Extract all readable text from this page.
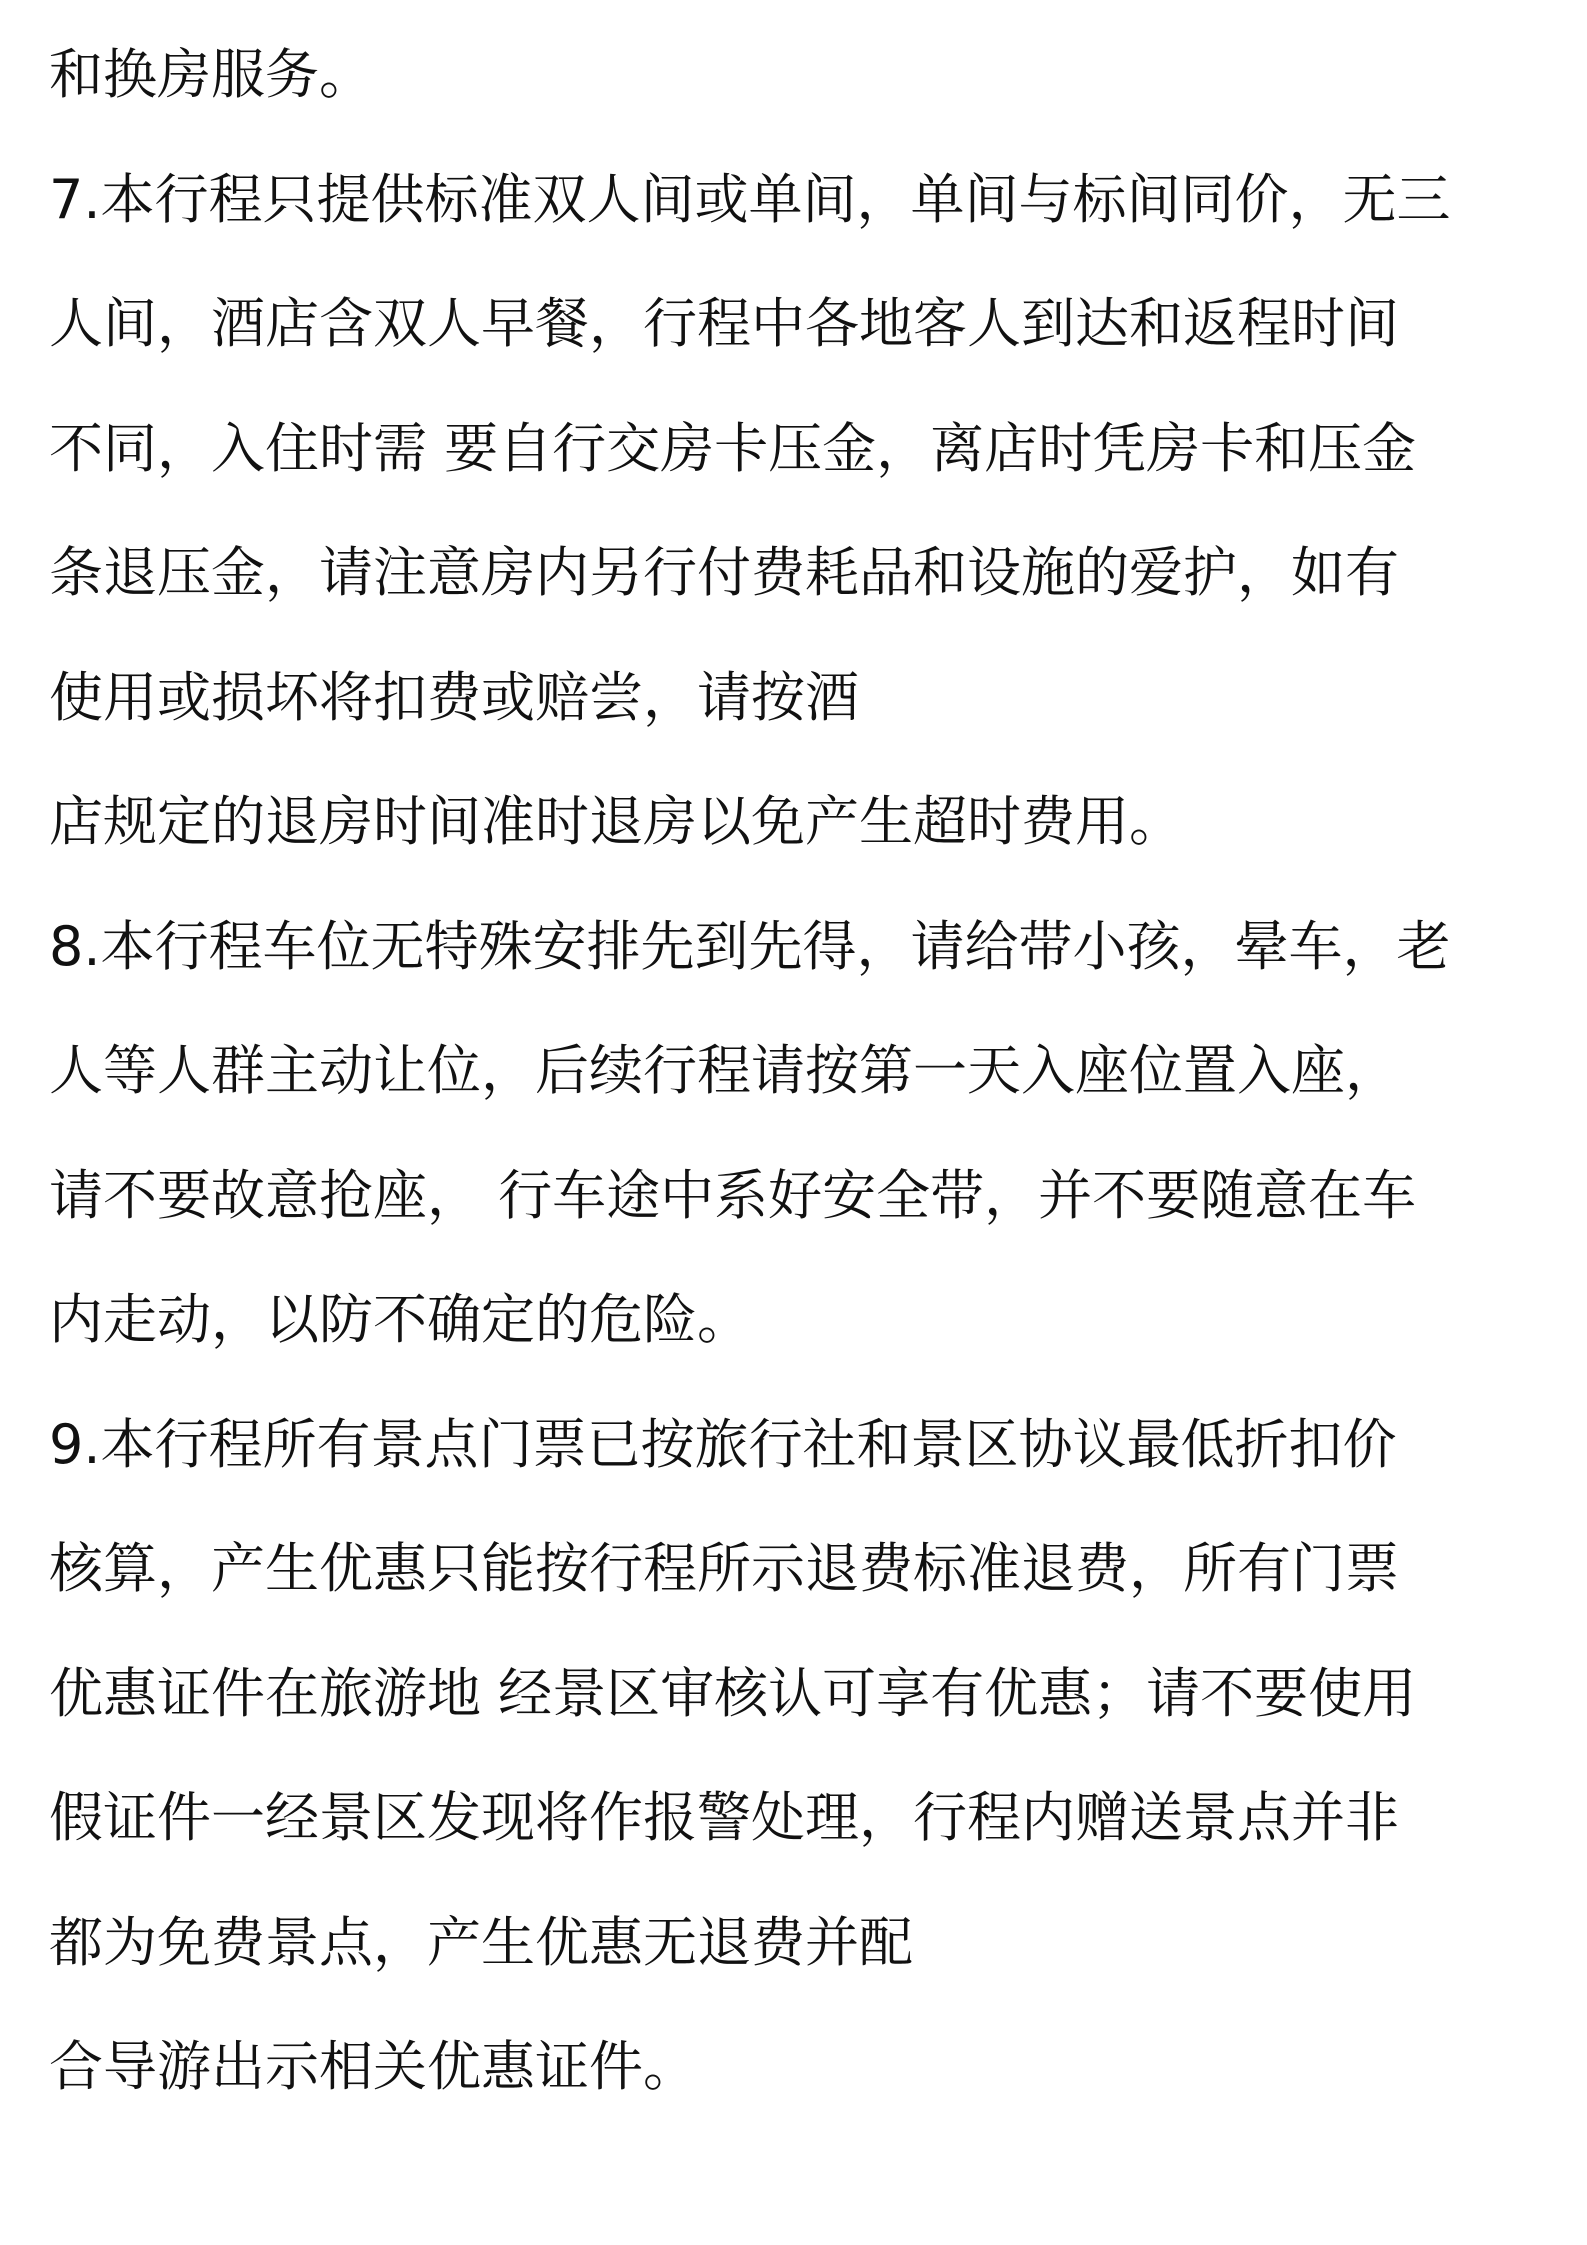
和换房服务。
7.本行程只提供标准双人间或单间，单间与标间同价，无三
人间，酒店含双人早餐，行程中各地客人到达和返程时间
不同，入住时需 要自行交房卡压金，离店时凭房卡和压金
条退压金，请注意房内另行付费耗品和设施的爱护，如有
使用或损坏将扣费或赔尝，请按酒
店规定的退房时间准时退房以免产生超时费用。
8.本行程车位无特殊安排先到先得，请给带小孩，晕车，老
人等人群主动让位，后续行程请按第一天入座位置入座，
请不要故意抢座， 行车途中系好安全带，并不要随意在车
内走动，以防不确定的危险。
9.本行程所有景点门票已按旅行社和景区协议最低折扣价
核算，产生优惠只能按行程所示退费标准退费，所有门票
优惠证件在旅游地 经景区审核认可享有优惠；请不要使用
假证件一经景区发现将作报警处理，行程内赠送景点并非
都为免费景点，产生优惠无退费并配
合导游出示相关优惠证件。
